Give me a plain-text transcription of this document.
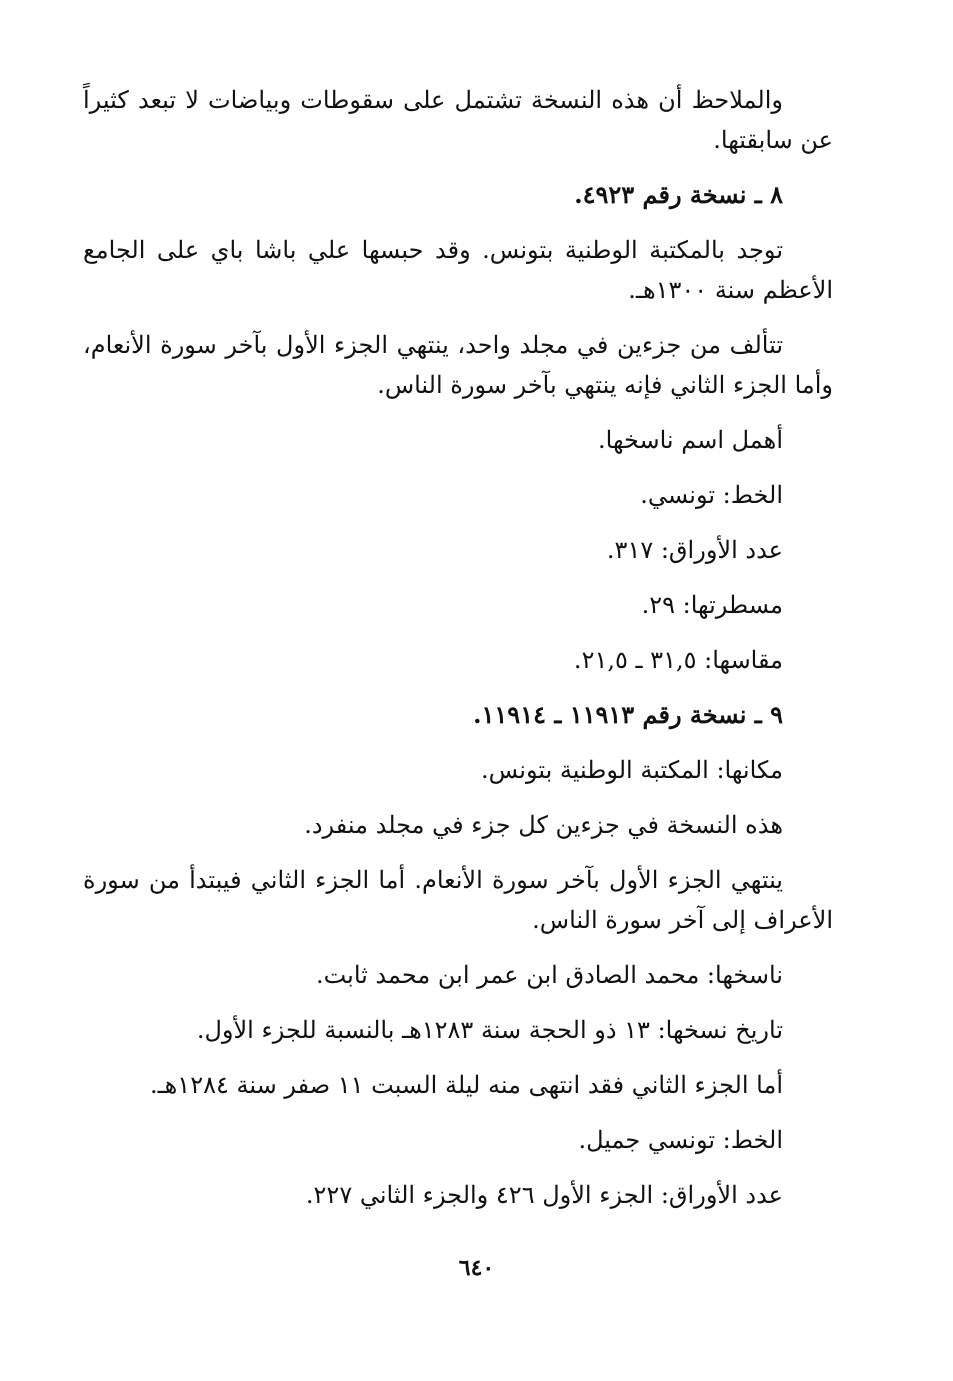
والملاحظ أن هذه النسخة تشتمل على سقوطات وبياضات لا تبعد كثيراً عن سابقتها.

٨ ـ نسخة رقم ٤٩٢٣.

توجد بالمكتبة الوطنية بتونس. وقد حبسها علي باشا باي على الجامع الأعظم سنة ١٣٠٠هـ.

تتألف من جزءين في مجلد واحد، ينتهي الجزء الأول بآخر سورة الأنعام، وأما الجزء الثاني فإنه ينتهي بآخر سورة الناس.

أهمل اسم ناسخها.

الخط: تونسي.

عدد الأوراق: ٣١٧.

مسطرتها: ٢٩.

مقاسها: ٣١,٥ ـ ٢١,٥.

٩ ـ نسخة رقم ١١٩١٣ ـ ١١٩١٤.

مكانها: المكتبة الوطنية بتونس.

هذه النسخة في جزءين كل جزء في مجلد منفرد.

ينتهي الجزء الأول بآخر سورة الأنعام. أما الجزء الثاني فيبتدأ من سورة الأعراف إلى آخر سورة الناس.

ناسخها: محمد الصادق ابن عمر ابن محمد ثابت.

تاريخ نسخها: ١٣ ذو الحجة سنة ١٢٨٣هـ بالنسبة للجزء الأول.

أما الجزء الثاني فقد انتهى منه ليلة السبت ١١ صفر سنة ١٢٨٤هـ.

الخط: تونسي جميل.

عدد الأوراق: الجزء الأول ٤٢٦ والجزء الثاني ٢٢٧.

٦٤٠
